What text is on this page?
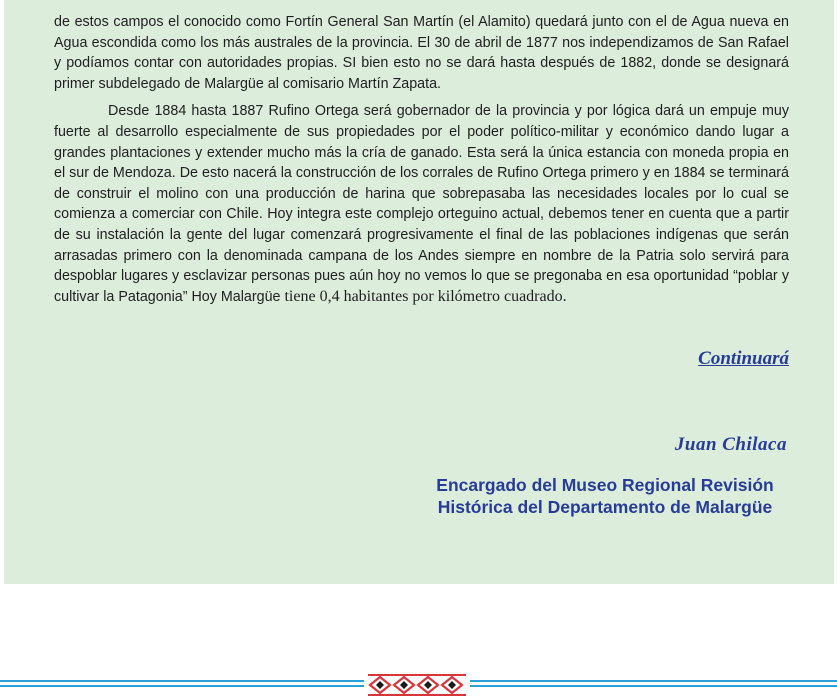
de estos campos el conocido como Fortín General San Martín (el Alamito) quedará junto con el de Agua nueva en Agua escondida como los más australes de la provincia. El 30 de abril de 1877 nos independizamos de San Rafael y podíamos contar con autoridades propias. SI bien esto no se dará hasta después de 1882, donde se designará primer subdelegado de Malargüe al comisario Martín Zapata.

Desde 1884 hasta 1887 Rufino Ortega será gobernador de la provincia y por lógica dará un empuje muy fuerte al desarrollo especialmente de sus propiedades por el poder político-militar y económico dando lugar a grandes plantaciones y extender mucho más la cría de ganado. Esta será la única estancia con moneda propia en el sur de Mendoza. De esto nacerá la construcción de los corrales de Rufino Ortega primero y en 1884 se terminará de construir el molino con una producción de harina que sobrepasaba las necesidades locales por lo cual se comienza a comerciar con Chile. Hoy integra este complejo orteguino actual, debemos tener en cuenta que a partir de su instalación la gente del lugar comenzará progresivamente el final de las poblaciones indígenas que serán arrasadas primero con la denominada campana de los Andes siempre en nombre de la Patria solo servirá para despoblar lugares y esclavizar personas pues aún hoy no vemos lo que se pregonaba en esa oportunidad “poblar y cultivar la Patagonia” Hoy Malargüe tiene 0,4 habitantes por kilómetro cuadrado.

Continuará
Juan Chilaca
Encargado del Museo Regional Revisión Histórica del Departamento de Malargüe
